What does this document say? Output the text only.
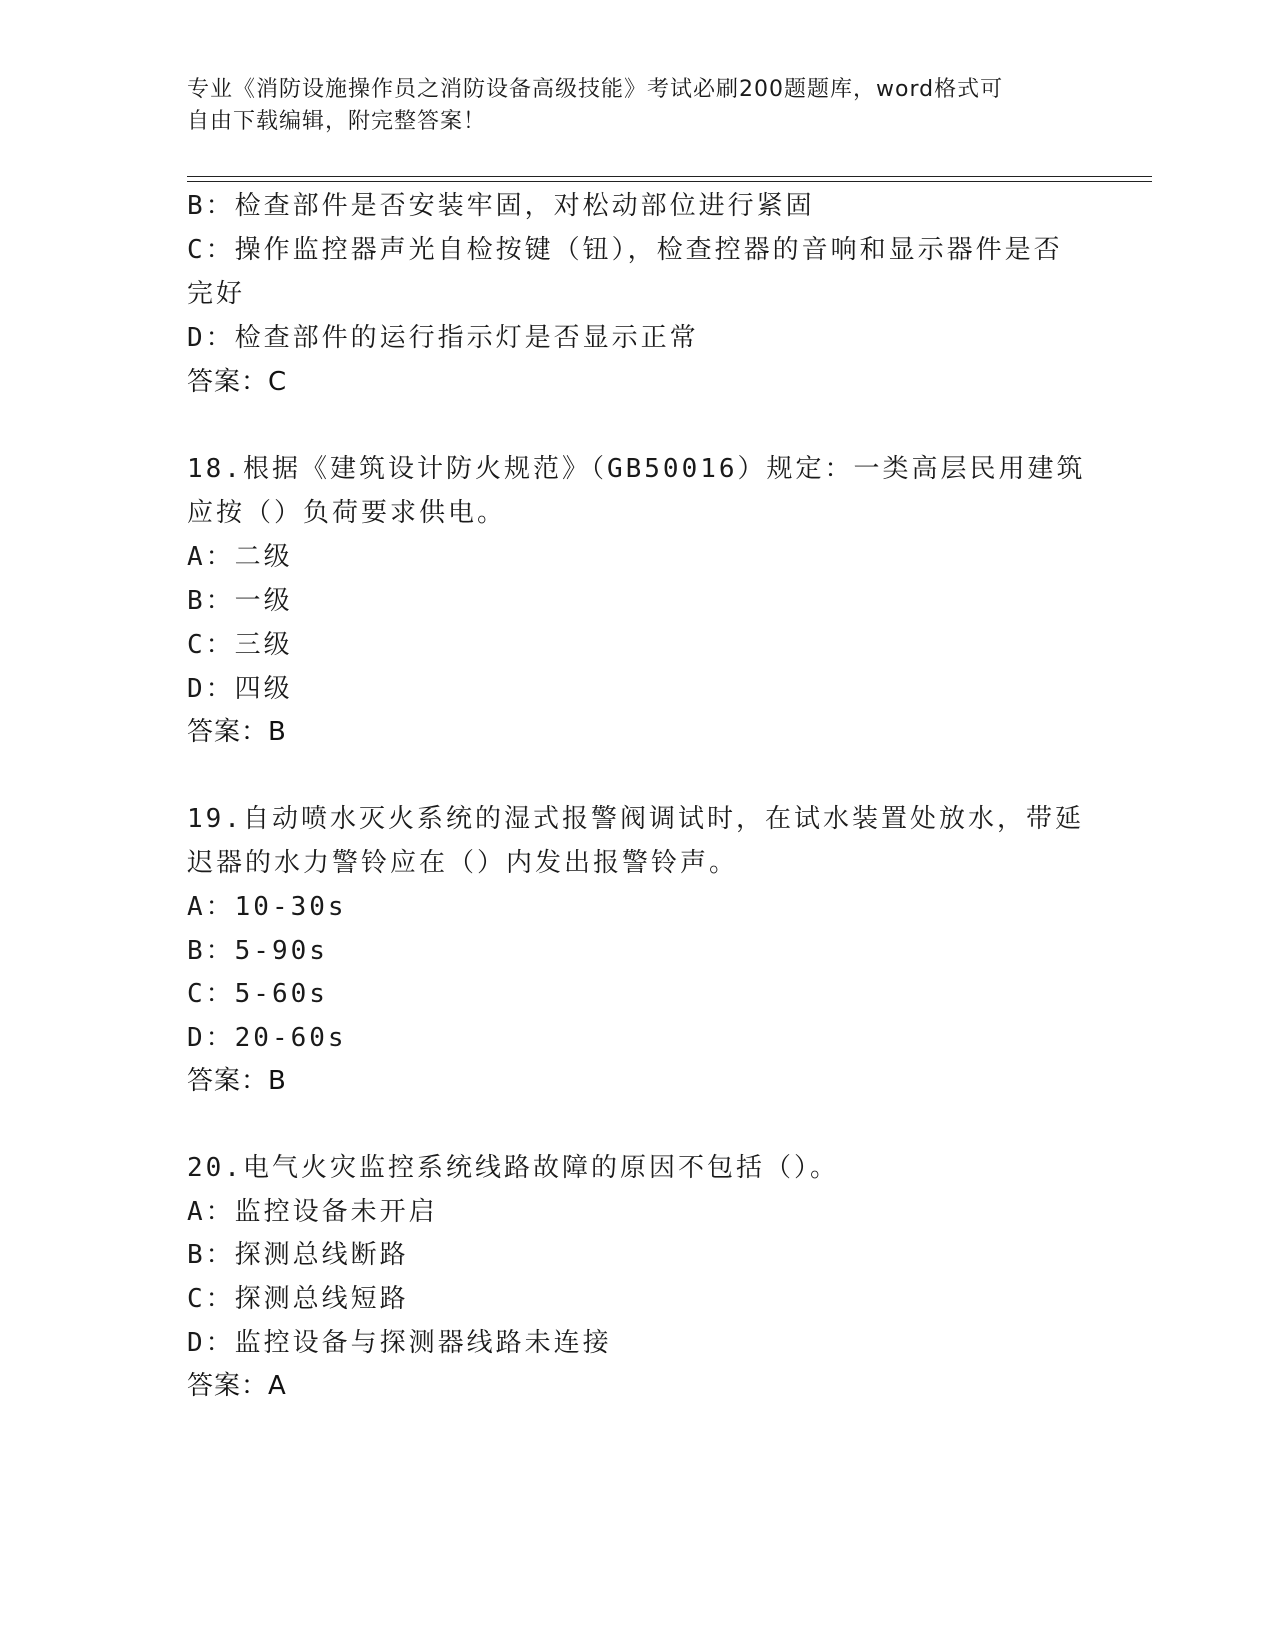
专业《消防设施操作员之消防设备高级技能》考试必刷200题题库，word格式可
自由下载编辑，附完整答案！
B：检查部件是否安装牢固，对松动部位进行紧固
C：操作监控器声光自检按键（钮），检查控器的音响和显示器件是否
完好
D：检查部件的运行指示灯是否显示正常
答案：C
18.根据《建筑设计防火规范》（GB50016）规定：一类高层民用建筑
应按（）负荷要求供电。
A：二级
B：一级
C：三级
D：四级
答案：B
19.自动喷水灭火系统的湿式报警阀调试时，在试水装置处放水，带延
迟器的水力警铃应在（）内发出报警铃声。
A：10-30s
B：5-90s
C：5-60s
D：20-60s
答案：B
20.电气火灾监控系统线路故障的原因不包括（）。
A：监控设备未开启
B：探测总线断路
C：探测总线短路
D：监控设备与探测器线路未连接
答案：A
